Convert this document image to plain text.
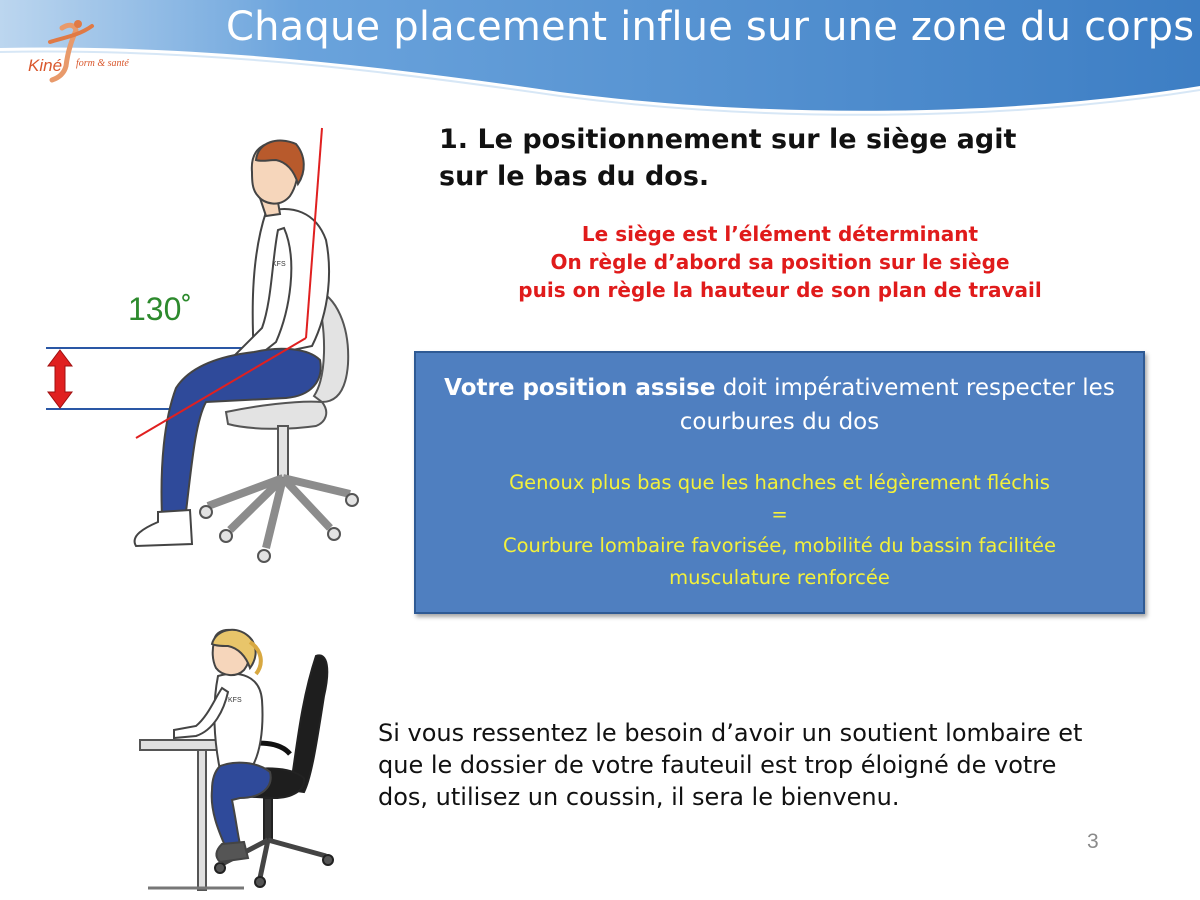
Chaque placement influe sur une zone du corps
Kiné form & santé
1. Le positionnement sur le siège agit
sur le bas du dos.
Le siège est l’élément déterminant
On règle d’abord sa position sur le siège
puis on règle la hauteur de son plan de travail
Votre position assise doit impérativement respecter les courbures du dos
Genoux plus bas que les hanches et légèrement fléchis
=
Courbure lombaire favorisée, mobilité du bassin facilitée
musculature renforcée
KFS
130˚
KFS
Si vous ressentez le besoin d’avoir un soutient lombaire et
que le dossier de votre fauteuil est trop éloigné de votre
dos, utilisez un coussin, il sera le bienvenu.
3
